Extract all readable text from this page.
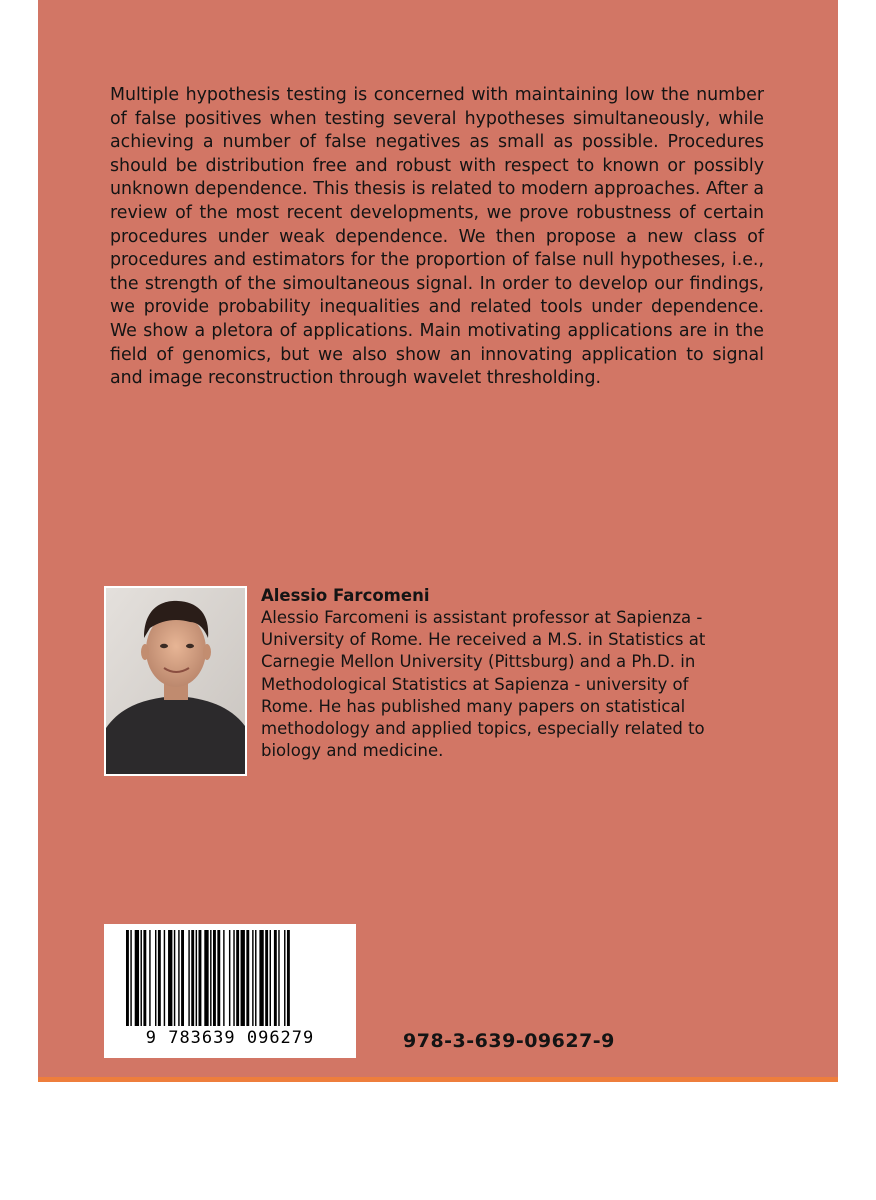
Multiple hypothesis testing is concerned with maintaining low the number of false positives when testing several hypotheses simultaneously, while achieving a number of false negatives as small as possible. Procedures should be distribution free and robust with respect to known or possibly unknown dependence. This thesis is related to modern approaches. After a review of the most recent developments, we prove robustness of certain procedures under weak dependence. We then propose a new class of procedures and estimators for the proportion of false null hypotheses, i.e., the strength of the simoultaneous signal. In order to develop our findings, we provide probability inequalities and related tools under dependence. We show a pletora of applications. Main motivating applications are in the field of genomics, but we also show an innovating application to signal and image reconstruction through wavelet thresholding.

Alessio Farcomeni

Alessio Farcomeni is assistant professor at Sapienza - University of Rome. He received a M.S. in Statistics at Carnegie Mellon University (Pittsburg) and a Ph.D. in Methodological Statistics at Sapienza - university of Rome. He has published many papers on statistical methodology and applied topics, especially related to biology and medicine.

9 783639 096279	978-3-639-09627-9
